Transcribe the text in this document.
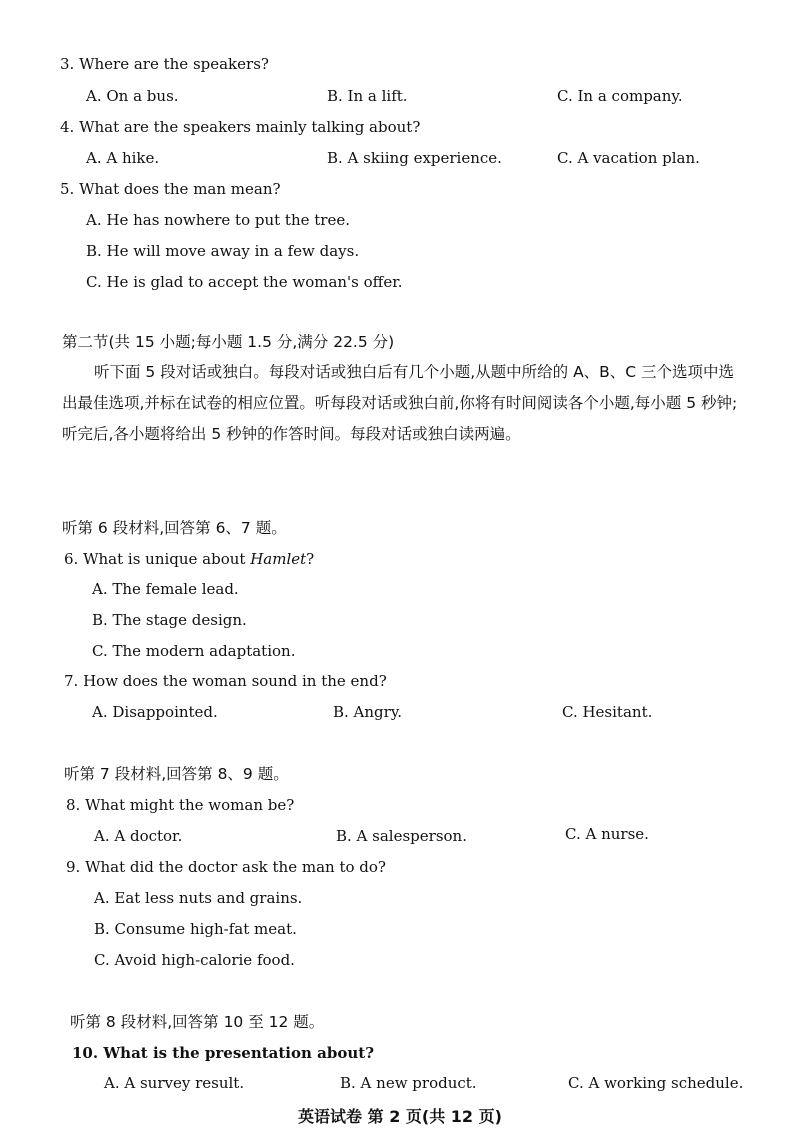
3. Where are the speakers?
A. On a bus.	B. In a lift.	C. In a company.
4. What are the speakers mainly talking about?
A. A hike.	B. A skiing experience.	C. A vacation plan.
5. What does the man mean?
A. He has nowhere to put the tree.
B. He will move away in a few days.
C. He is glad to accept the woman's offer.
第二节(共 15 小题;每小题 1.5 分,满分 22.5 分)
听下面 5 段对话或独白。每段对话或独白后有几个小题,从题中所给的 A、B、C 三个选项中选出最佳选项,并标在试卷的相应位置。听每段对话或独白前,你将有时间阅读各个小题,每小题 5 秒钟;听完后,各小题将给出 5 秒钟的作答时间。每段对话或独白读两遍。
听第 6 段材料,回答第 6、7 题。
6. What is unique about Hamlet?
A. The female lead.
B. The stage design.
C. The modern adaptation.
7. How does the woman sound in the end?
A. Disappointed.	B. Angry.	C. Hesitant.
听第 7 段材料,回答第 8、9 题。
8. What might the woman be?
A. A doctor.	B. A salesperson.	C. A nurse.
9. What did the doctor ask the man to do?
A. Eat less nuts and grains.
B. Consume high-fat meat.
C. Avoid high-calorie food.
听第 8 段材料,回答第 10 至 12 题。
10. What is the presentation about?
A. A survey result.	B. A new product.	C. A working schedule.
英语试卷 第 2 页(共 12 页)
